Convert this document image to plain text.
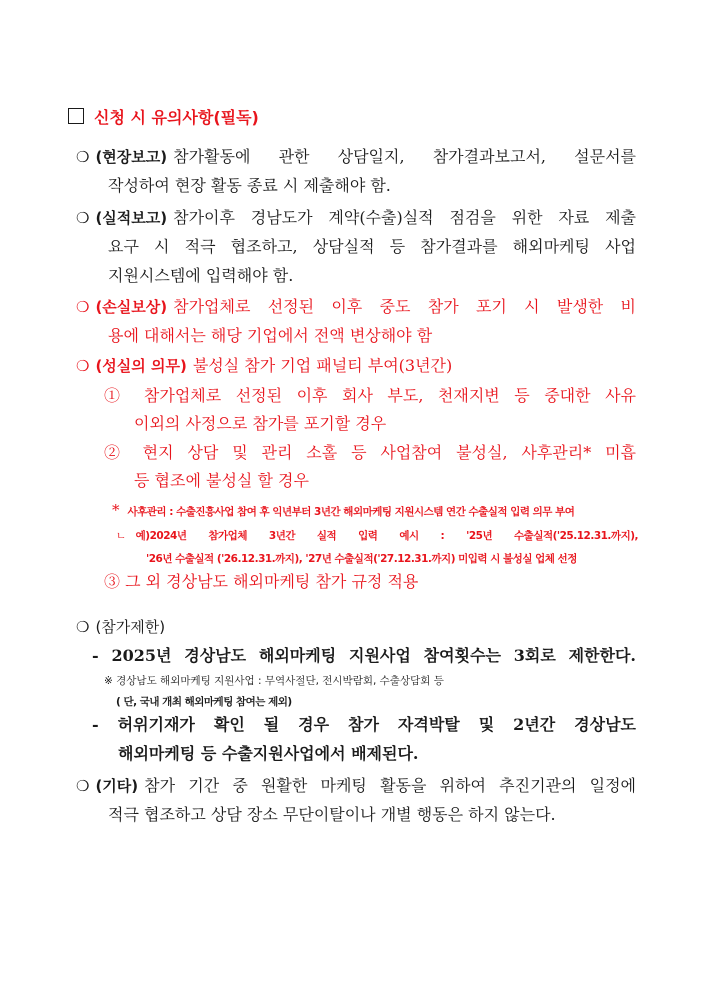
신청 시 유의사항(필독)
❍ (현장보고) 참가활동에 관한 상담일지, 참가결과보고서, 설문서를
작성하여 현장 활동 종료 시 제출해야 함.
❍ (실적보고) 참가이후 경남도가 계약(수출)실적 점검을 위한 자료 제출
요구 시 적극 협조하고, 상담실적 등 참가결과를 해외마케팅 사업
지원시스템에 입력해야 함.
❍ (손실보상) 참가업체로 선정된 이후 중도 참가 포기 시 발생한 비
용에 대해서는 해당 기업에서 전액 변상해야 함
❍ (성실의 의무) 불성실 참가 기업 패널티 부여(3년간)
① 참가업체로 선정된 이후 회사 부도, 천재지변 등 중대한 사유
이외의 사정으로 참가를 포기할 경우
② 현지 상담 및 관리 소홀 등 사업참여 불성실, 사후관리* 미흡
등 협조에 불성실 할 경우
* 사후관리 : 수출진흥사업 참여 후 익년부터 3년간 해외마케팅 지원시스템 연간 수출실적 입력 의무 부여
ㄴ 예)2024년 참가업체 3년간 실적 입력 예시 : '25년 수출실적('25.12.31.까지),
'26년 수출실적 ('26.12.31.까지), '27년 수출실적('27.12.31.까지) 미입력 시 불성실 업체 선정
③ 그 외 경상남도 해외마케팅 참가 규정 적용
❍ (참가제한)
- 2025년 경상남도 해외마케팅 지원사업 참여횟수는 3회로 제한한다.
※ 경상남도 해외마케팅 지원사업 : 무역사절단, 전시박람회, 수출상담회 등
( 단, 국내 개최 해외마케팅 참여는 제외)
- 허위기재가 확인 될 경우 참가 자격박탈 및 2년간 경상남도
해외마케팅 등 수출지원사업에서 배제된다.
❍ (기타) 참가 기간 중 원활한 마케팅 활동을 위하여 추진기관의 일정에
적극 협조하고 상담 장소 무단이탈이나 개별 행동은 하지 않는다.
